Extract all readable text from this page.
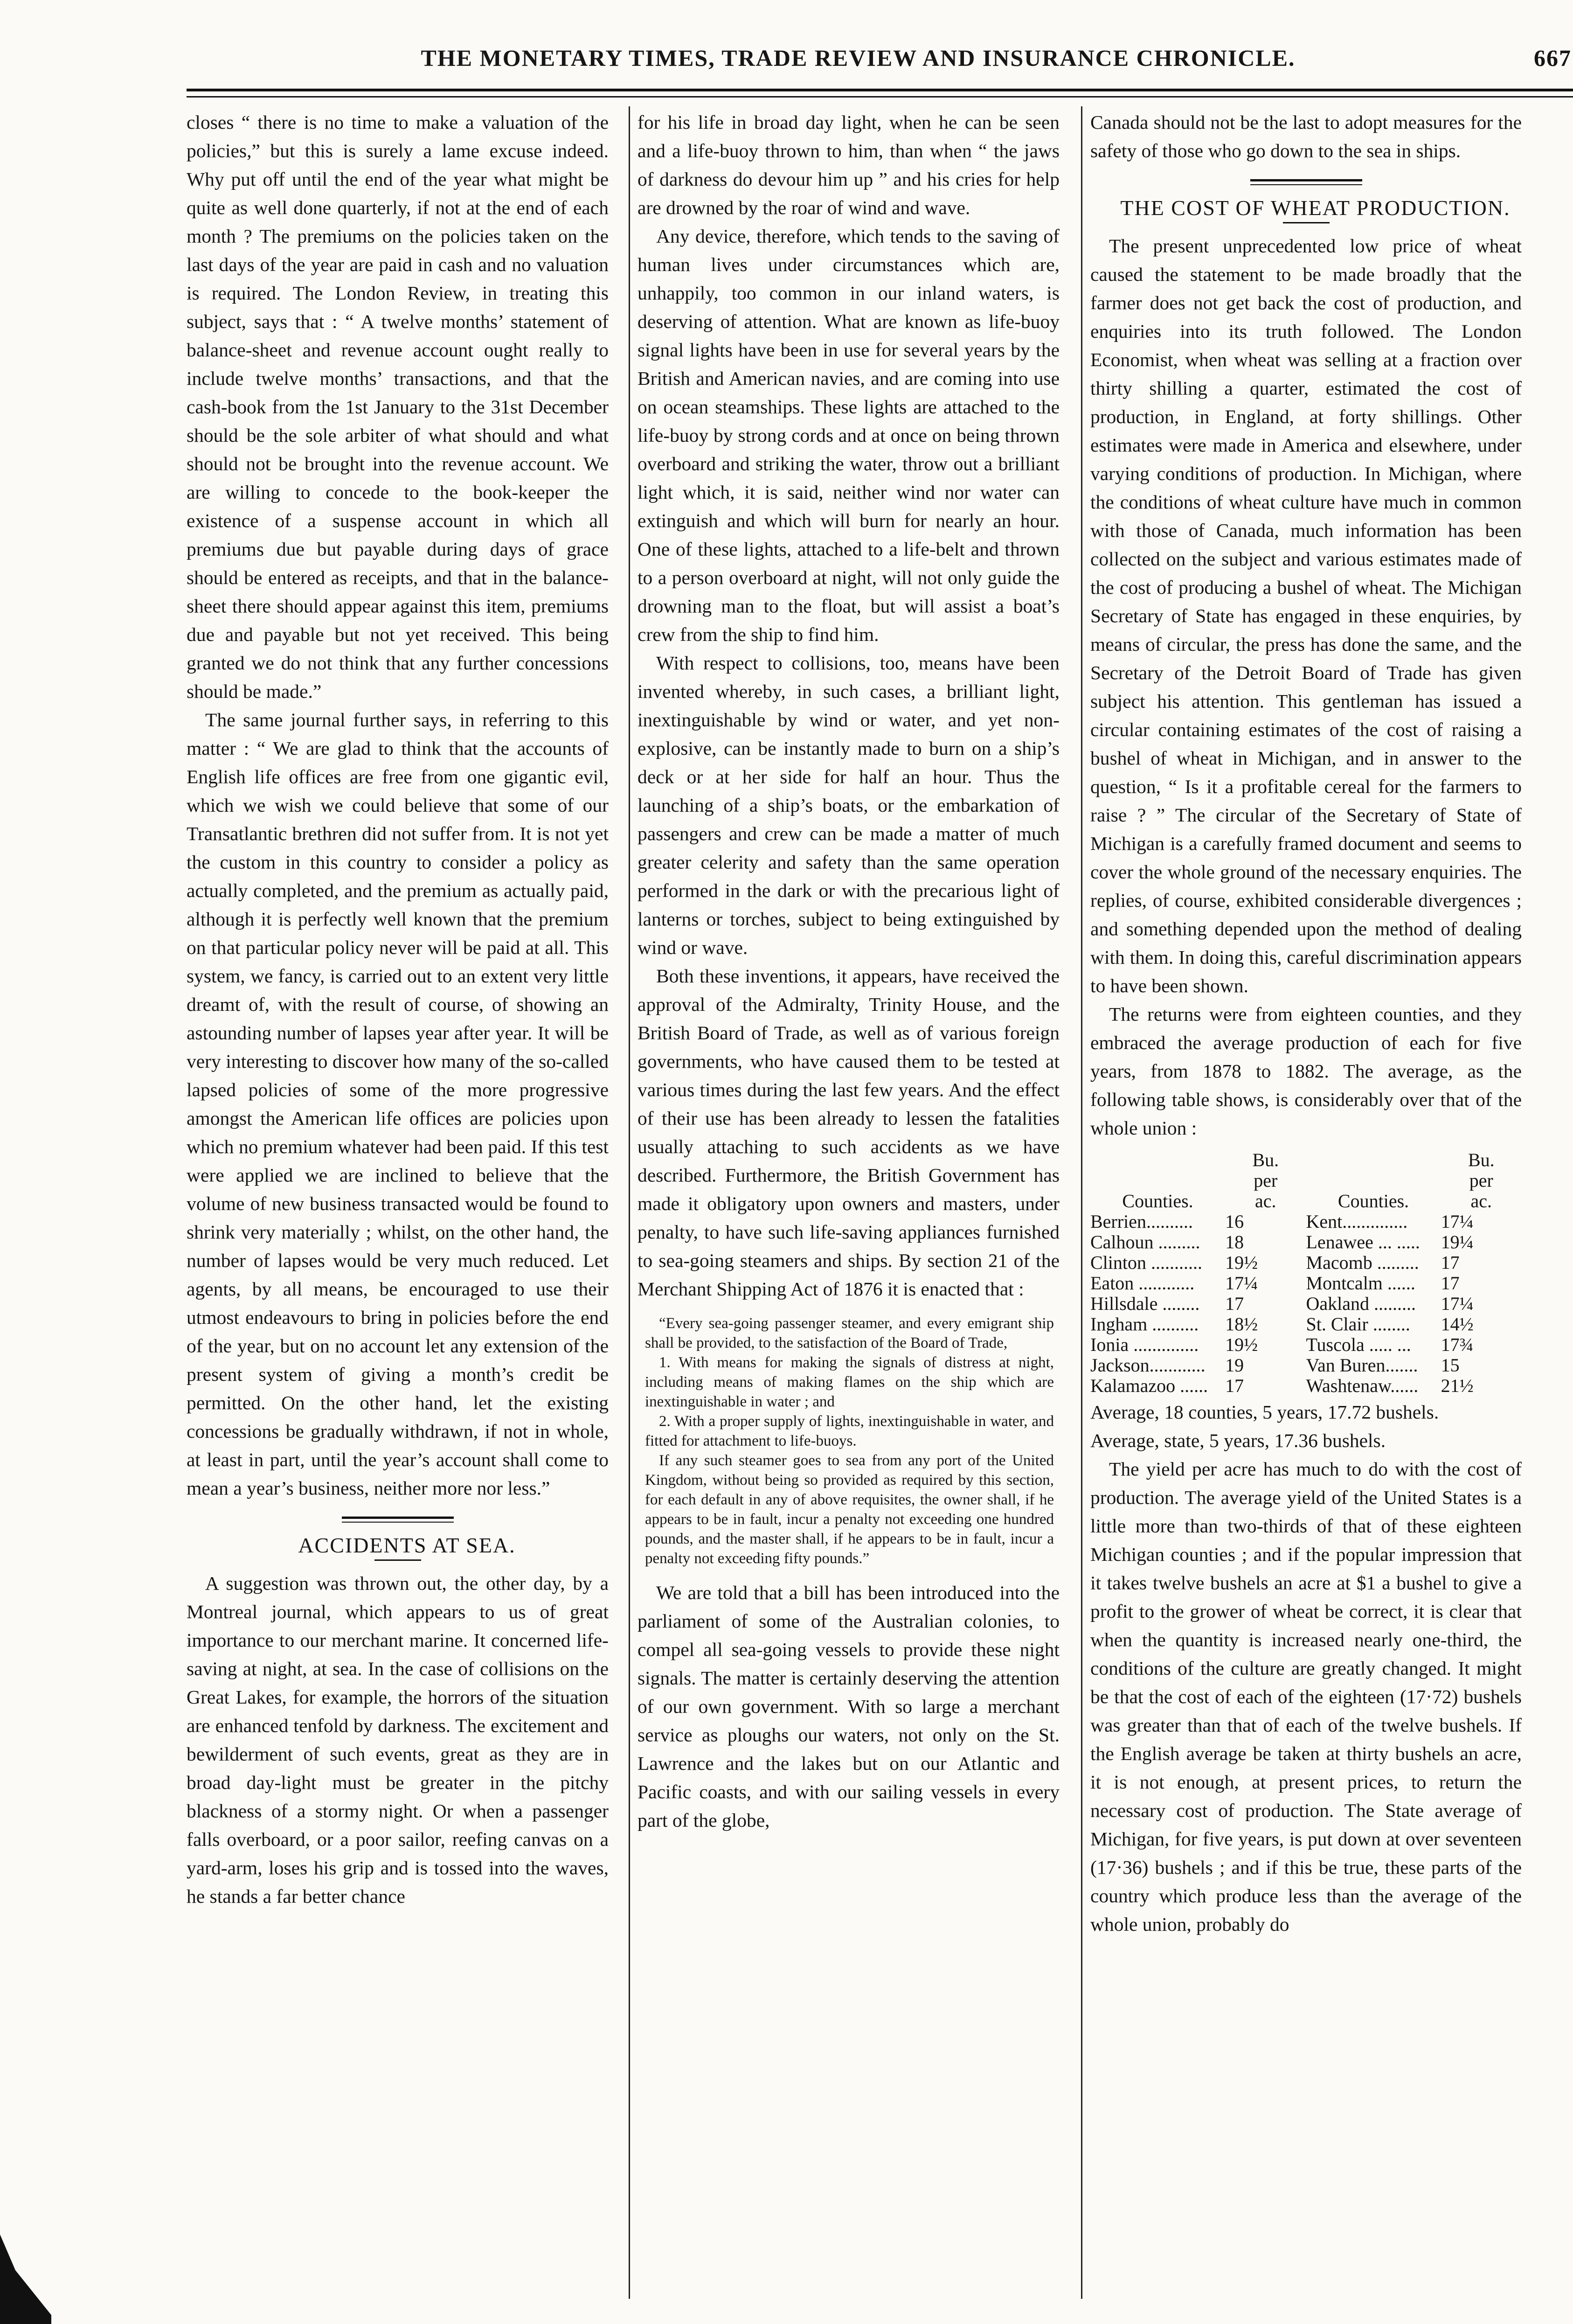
THE MONETARY TIMES, TRADE REVIEW AND INSURANCE CHRONICLE.	667

closes “ there is no time to make a valuation of the policies,” but this is surely a lame excuse indeed. Why put off until the end of the year what might be quite as well done quarterly, if not at the end of each month ? The premiums on the policies taken on the last days of the year are paid in cash and no valuation is required. The London Review, in treating this subject, says that : “ A twelve months’ statement of balance-sheet and revenue account ought really to include twelve months’ transactions, and that the cash-book from the 1st January to the 31st December should be the sole arbiter of what should and what should not be brought into the revenue account. We are willing to concede to the book-keeper the existence of a suspense account in which all premiums due but payable during days of grace should be entered as receipts, and that in the balance-sheet there should appear against this item, premiums due and payable but not yet received. This being granted we do not think that any further concessions should be made.”

The same journal further says, in referring to this matter : “ We are glad to think that the accounts of English life offices are free from one gigantic evil, which we wish we could believe that some of our Transatlantic brethren did not suffer from. It is not yet the custom in this country to consider a policy as actually completed, and the premium as actually paid, although it is perfectly well known that the premium on that particular policy never will be paid at all. This system, we fancy, is carried out to an extent very little dreamt of, with the result of course, of showing an astounding number of lapses year after year. It will be very interesting to discover how many of the so-called lapsed policies of some of the more progressive amongst the American life offices are policies upon which no premium whatever had been paid. If this test were applied we are inclined to believe that the volume of new business transacted would be found to shrink very materially ; whilst, on the other hand, the number of lapses would be very much reduced. Let agents, by all means, be encouraged to use their utmost endeavours to bring in policies before the end of the year, but on no account let any extension of the present system of giving a month’s credit be permitted. On the other hand, let the existing concessions be gradually withdrawn, if not in whole, at least in part, until the year’s account shall come to mean a year’s business, neither more nor less.”

ACCIDENTS AT SEA.

A suggestion was thrown out, the other day, by a Montreal journal, which appears to us of great importance to our merchant marine. It concerned life-saving at night, at sea. In the case of collisions on the Great Lakes, for example, the horrors of the situation are enhanced tenfold by darkness. The excitement and bewilderment of such events, great as they are in broad day-light must be greater in the pitchy blackness of a stormy night. Or when a passenger falls overboard, or a poor sailor, reefing canvas on a yard-arm, loses his grip and is tossed into the waves, he stands a far better chance

for his life in broad day light, when he can be seen and a life-buoy thrown to him, than when “ the jaws of darkness do devour him up ” and his cries for help are drowned by the roar of wind and wave.

Any device, therefore, which tends to the saving of human lives under circumstances which are, unhappily, too common in our inland waters, is deserving of attention. What are known as life-buoy signal lights have been in use for several years by the British and American navies, and are coming into use on ocean steamships. These lights are attached to the life-buoy by strong cords and at once on being thrown overboard and striking the water, throw out a brilliant light which, it is said, neither wind nor water can extinguish and which will burn for nearly an hour. One of these lights, attached to a life-belt and thrown to a person overboard at night, will not only guide the drowning man to the float, but will assist a boat’s crew from the ship to find him.

With respect to collisions, too, means have been invented whereby, in such cases, a brilliant light, inextinguishable by wind or water, and yet non-explosive, can be instantly made to burn on a ship’s deck or at her side for half an hour. Thus the launching of a ship’s boats, or the embarkation of passengers and crew can be made a matter of much greater celerity and safety than the same operation performed in the dark or with the precarious light of lanterns or torches, subject to being extinguished by wind or wave.

Both these inventions, it appears, have received the approval of the Admiralty, Trinity House, and the British Board of Trade, as well as of various foreign governments, who have caused them to be tested at various times during the last few years. And the effect of their use has been already to lessen the fatalities usually attaching to such accidents as we have described. Furthermore, the British Government has made it obligatory upon owners and masters, under penalty, to have such life-saving appliances furnished to sea-going steamers and ships. By section 21 of the Merchant Shipping Act of 1876 it is enacted that :

“Every sea-going passenger steamer, and every emigrant ship shall be provided, to the satisfaction of the Board of Trade,

1. With means for making the signals of distress at night, including means of making flames on the ship which are inextinguishable in water ; and

2. With a proper supply of lights, inextinguishable in water, and fitted for attachment to life-buoys.

If any such steamer goes to sea from any port of the United Kingdom, without being so provided as required by this section, for each default in any of above requisites, the owner shall, if he appears to be in fault, incur a penalty not exceeding one hundred pounds, and the master shall, if he appears to be in fault, incur a penalty not exceeding fifty pounds.”

We are told that a bill has been introduced into the parliament of some of the Australian colonies, to compel all sea-going vessels to provide these night signals. The matter is certainly deserving the attention of our own government. With so large a merchant service as ploughs our waters, not only on the St. Lawrence and the lakes but on our Atlantic and Pacific coasts, and with our sailing vessels in every part of the globe,

Canada should not be the last to adopt measures for the safety of those who go down to the sea in ships.

THE COST OF WHEAT PRODUCTION.

The present unprecedented low price of wheat caused the statement to be made broadly that the farmer does not get back the cost of production, and enquiries into its truth followed. The London Economist, when wheat was selling at a fraction over thirty shilling a quarter, estimated the cost of production, in England, at forty shillings. Other estimates were made in America and elsewhere, under varying conditions of production. In Michigan, where the conditions of wheat culture have much in common with those of Canada, much information has been collected on the subject and various estimates made of the cost of producing a bushel of wheat. The Michigan Secretary of State has engaged in these enquiries, by means of circular, the press has done the same, and the Secretary of the Detroit Board of Trade has given subject his attention. This gentleman has issued a circular containing estimates of the cost of raising a bushel of wheat in Michigan, and in answer to the question, “ Is it a profitable cereal for the farmers to raise ? ” The circular of the Secretary of State of Michigan is a carefully framed document and seems to cover the whole ground of the necessary enquiries. The replies, of course, exhibited considerable divergences ; and something depended upon the method of dealing with them. In doing this, careful discrimination appears to have been shown.

The returns were from eighteen counties, and they embraced the average production of each for five years, from 1878 to 1882. The average, as the following table shows, is considerably over that of the whole union :

Counties.	Bu.
per
ac.	Counties.	Bu.
per
ac.
Berrien..........	16	Kent..............	17¼
Calhoun .........	18	Lenawee ... .....	19¼
Clinton ...........	19½	Macomb .........	17
Eaton ............	17¼	Montcalm ......	17
Hillsdale ........	17	Oakland .........	17¼
Ingham ..........	18½	St. Clair ........	14½
Ionia ..............	19½	Tuscola ..... ...	17¾
Jackson............	19	Van Buren.......	15
Kalamazoo ......	17	Washtenaw......	21½

Average, 18 counties, 5 years, 17.72 bushels.

Average, state, 5 years, 17.36 bushels.

The yield per acre has much to do with the cost of production. The average yield of the United States is a little more than two-thirds of that of these eighteen Michigan counties ; and if the popular impression that it takes twelve bushels an acre at $1 a bushel to give a profit to the grower of wheat be correct, it is clear that when the quantity is increased nearly one-third, the conditions of the culture are greatly changed. It might be that the cost of each of the eighteen (17·72) bushels was greater than that of each of the twelve bushels. If the English average be taken at thirty bushels an acre, it is not enough, at present prices, to return the necessary cost of production. The State average of Michigan, for five years, is put down at over seventeen (17·36) bushels ; and if this be true, these parts of the country which produce less than the average of the whole union, probably do
